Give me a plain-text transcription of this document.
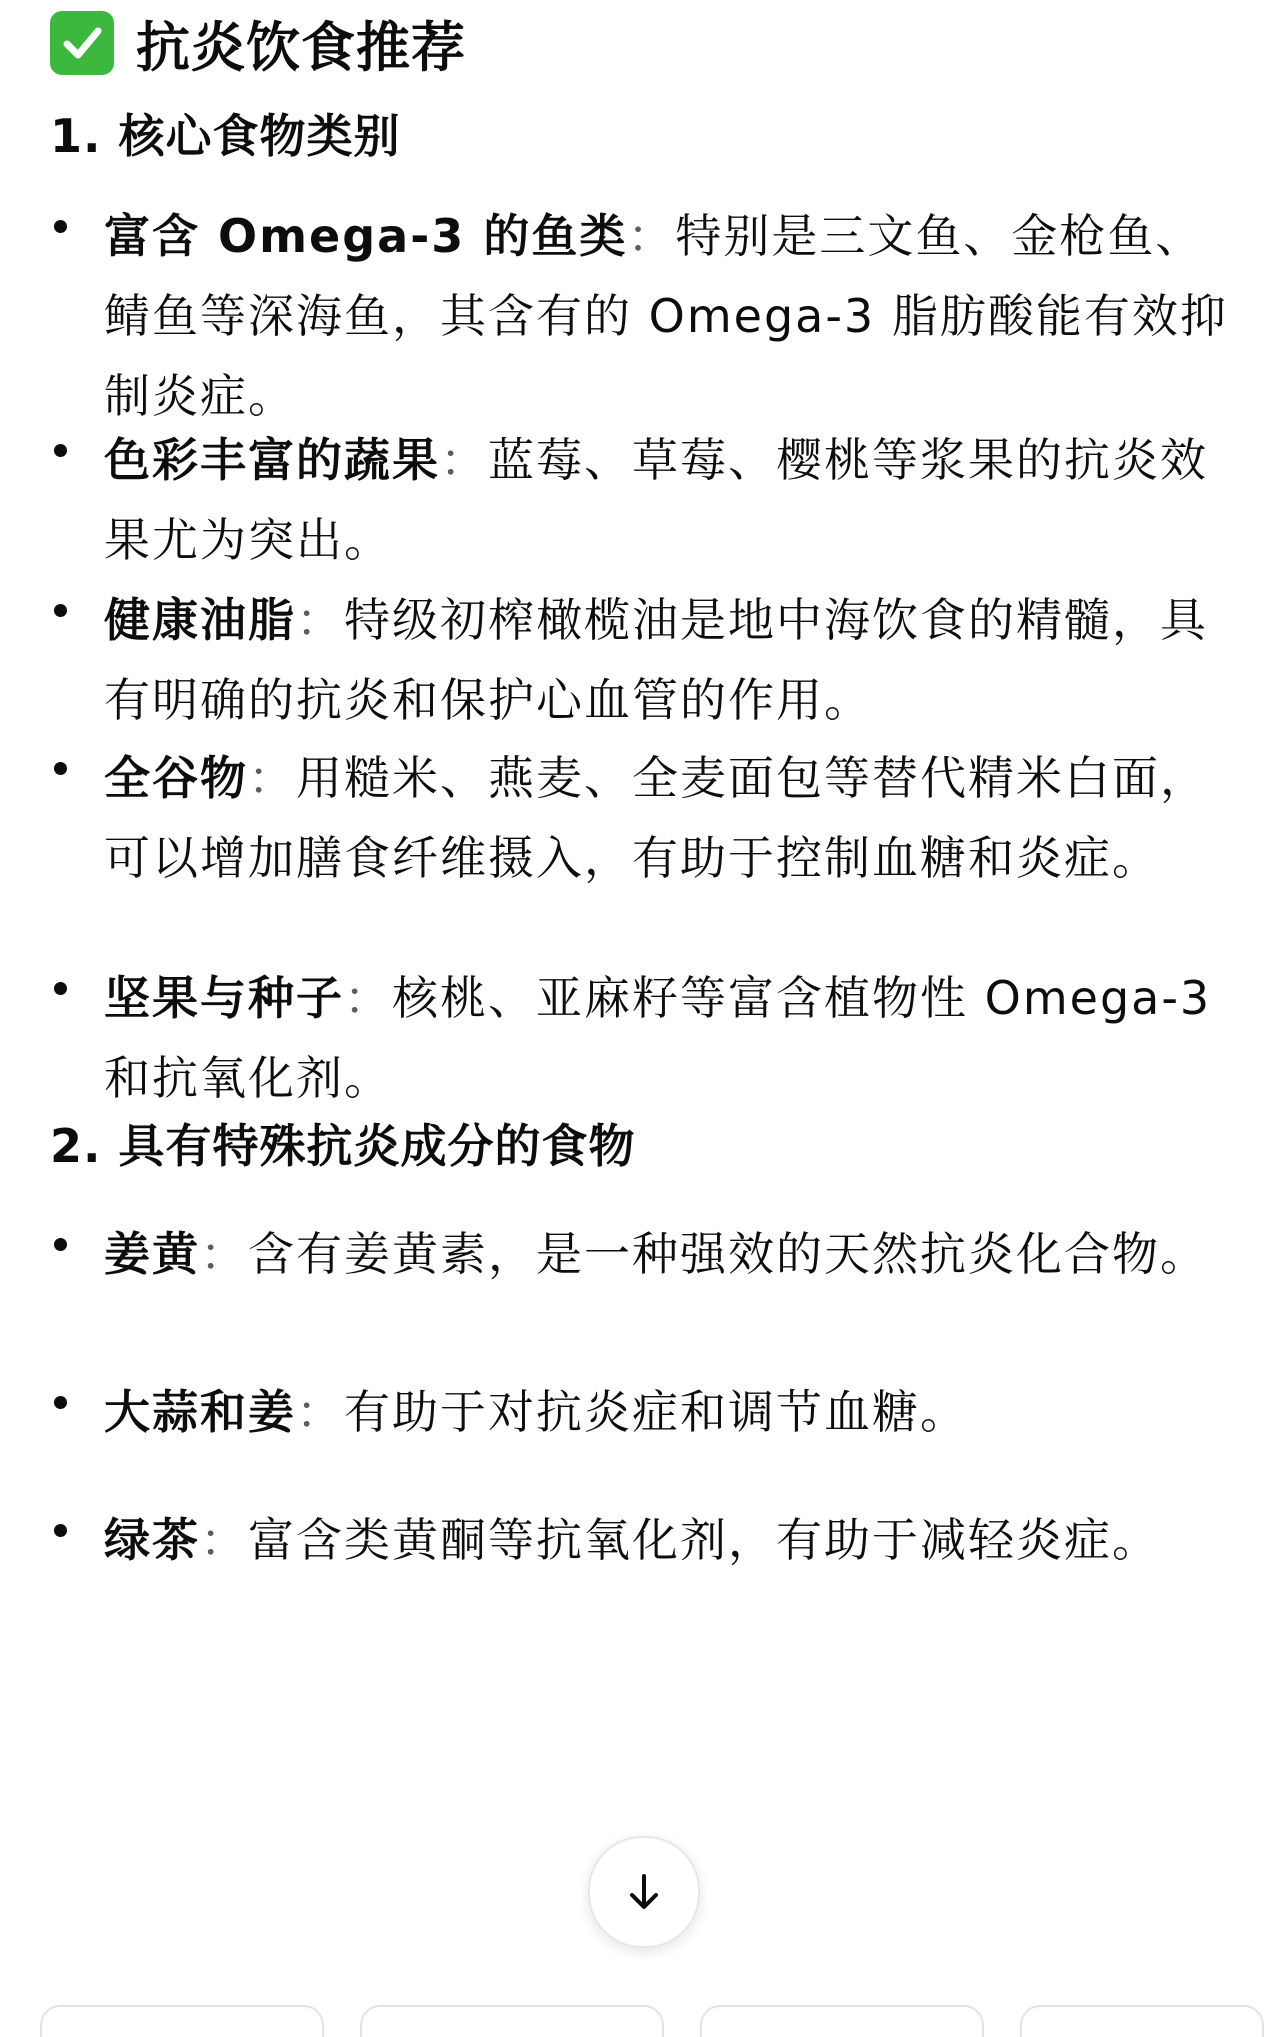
抗炎饮食推荐
1. 核心食物类别
富含 Omega-3 的鱼类：特别是三文鱼、金枪鱼、鲭鱼等深海鱼，其含有的 Omega-3 脂肪酸能有效抑制炎症。
色彩丰富的蔬果：蓝莓、草莓、樱桃等浆果的抗炎效果尤为突出。
健康油脂：特级初榨橄榄油是地中海饮食的精髓，具有明确的抗炎和保护心血管的作用。
全谷物：用糙米、燕麦、全麦面包等替代精米白面，可以增加膳食纤维摄入，有助于控制血糖和炎症。
坚果与种子：核桃、亚麻籽等富含植物性 Omega-3 和抗氧化剂。
2. 具有特殊抗炎成分的食物
姜黄：含有姜黄素，是一种强效的天然抗炎化合物。
大蒜和姜：有助于对抗炎症和调节血糖。
绿茶：富含类黄酮等抗氧化剂，有助于减轻炎症。
